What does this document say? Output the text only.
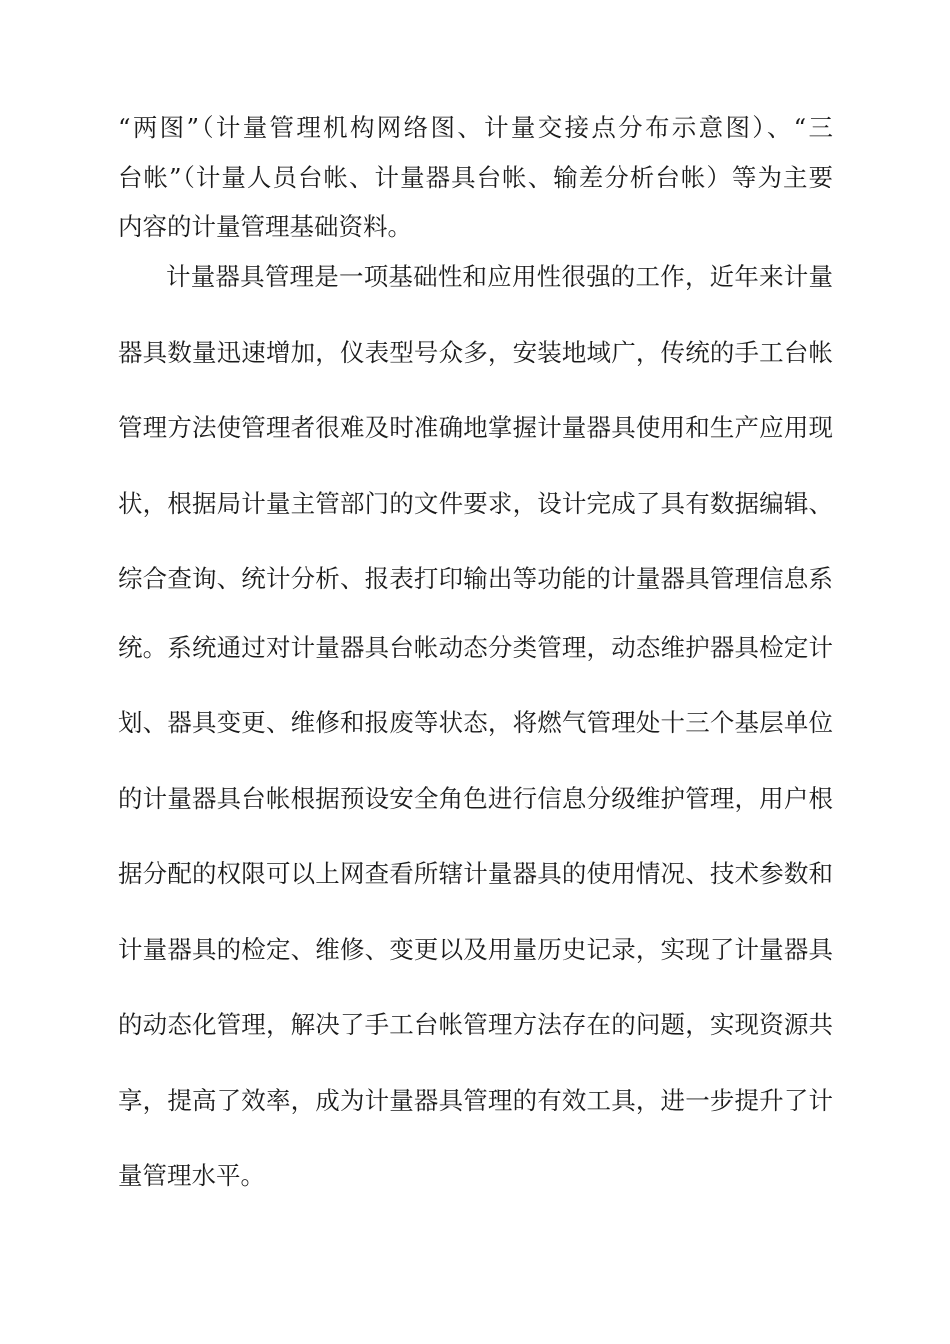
“两图”（计量管理机构网络图、计量交接点分布示意图）、“三
台帐”（计量人员台帐、计量器具台帐、输差分析台帐）等为主要
内容的计量管理基础资料。
计量器具管理是一项基础性和应用性很强的工作，近年来计量
器具数量迅速增加，仪表型号众多，安装地域广，传统的手工台帐
管理方法使管理者很难及时准确地掌握计量器具使用和生产应用现
状，根据局计量主管部门的文件要求，设计完成了具有数据编辑、
综合查询、统计分析、报表打印输出等功能的计量器具管理信息系
统。系统通过对计量器具台帐动态分类管理，动态维护器具检定计
划、器具变更、维修和报废等状态，将燃气管理处十三个基层单位
的计量器具台帐根据预设安全角色进行信息分级维护管理，用户根
据分配的权限可以上网查看所辖计量器具的使用情况、技术参数和
计量器具的检定、维修、变更以及用量历史记录，实现了计量器具
的动态化管理，解决了手工台帐管理方法存在的问题，实现资源共
享，提高了效率，成为计量器具管理的有效工具，进一步提升了计
量管理水平。
